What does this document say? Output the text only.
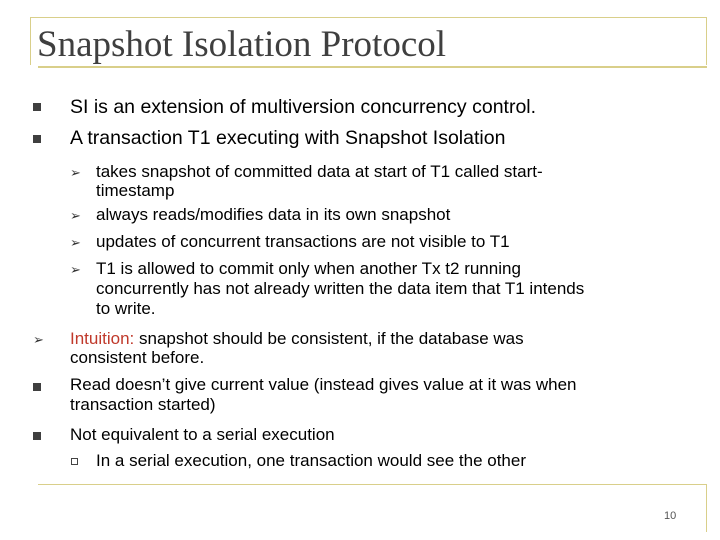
Snapshot Isolation Protocol
SI is an extension of multiversion concurrency control.
A transaction T1 executing with Snapshot Isolation
➢ takes snapshot of committed data at start of T1 called start-
timestamp
➢ always reads/modifies data in its own snapshot
➢ updates of concurrent transactions are not visible to T1
➢ T1 is allowed to commit only when another Tx t2 running
concurrently has not already written the data item that T1 intends
to write.
➢ Intuition: snapshot should be consistent, if the database was
consistent before.
Read doesn’t give current value (instead gives value at it was when
transaction started)
Not equivalent to a serial execution
In a serial execution, one transaction would see the other
10
